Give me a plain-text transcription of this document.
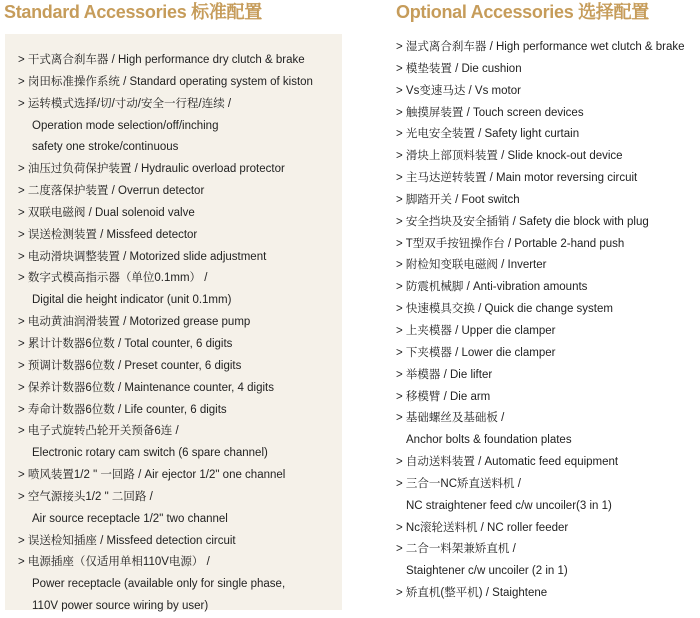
Standard Accessories 标准配置
> 干式离合刹车器 / High performance dry clutch & brake
> 岗田标准操作系统 / Standard operating system of kiston
> 运转模式选择/切/寸动/安全一行程/连续 /
Operation mode selection/off/inching
safety one stroke/continuous
> 油压过负荷保护装置 / Hydraulic overload protector
> 二度落保护装置 / Overrun detector
> 双联电磁阀 / Dual solenoid valve
> 误送检测装置 / Missfeed detector
> 电动滑块调整装置 / Motorized slide adjustment
> 数字式模高指示器（单位0.1mm） /
Digital die height indicator (unit 0.1mm)
> 电动黄油润滑装置 / Motorized grease pump
> 累计计数器6位数 / Total counter, 6 digits
> 预调计数器6位数 / Preset counter, 6 digits
> 保养计数器6位数 / Maintenance counter, 4 digits
> 寿命计数器6位数 / Life counter, 6 digits
> 电子式旋转凸轮开关预备6连 /
Electronic rotary cam switch (6 spare channel)
> 喷风装置1/2 " 一回路 / Air ejector 1/2" one channel
> 空气源接头1/2 " 二回路 /
Air source receptacle 1/2" two channel
> 误送检知插座 / Missfeed detection circuit
> 电源插座（仅适用单相110V电源） /
Power receptacle (available only for single phase,
110V power source wiring by user)
Optional Accessories 选择配置
> 湿式离合刹车器 / High performance wet clutch & brake
> 模垫装置 / Die cushion
> Vs变速马达 / Vs motor
> 触摸屏装置 / Touch screen devices
> 光电安全装置 / Safety light curtain
> 滑块上部顶料装置 / Slide knock-out device
> 主马达逆转装置 / Main motor reversing circuit
> 脚踏开关 / Foot switch
> 安全挡块及安全插销 / Safety die block with plug
> T型双手按钮操作台 / Portable 2-hand push
> 附检知变联电磁阀 / Inverter
> 防震机械脚 / Anti-vibration amounts
> 快速模具交换 / Quick die change system
> 上夹模器 / Upper die clamper
> 下夹模器 / Lower die clamper
> 举模器 / Die lifter
> 移模臂 / Die arm
> 基础螺丝及基础板 /
Anchor bolts & foundation plates
> 自动送料装置 / Automatic feed equipment
> 三合一NC矫直送料机 /
NC straightener feed c/w uncoiler(3 in 1)
> Nc滚轮送料机 / NC roller feeder
> 二合一料架兼矫直机 /
Staightener c/w uncoiler (2 in 1)
> 矫直机(整平机) / Staightene
